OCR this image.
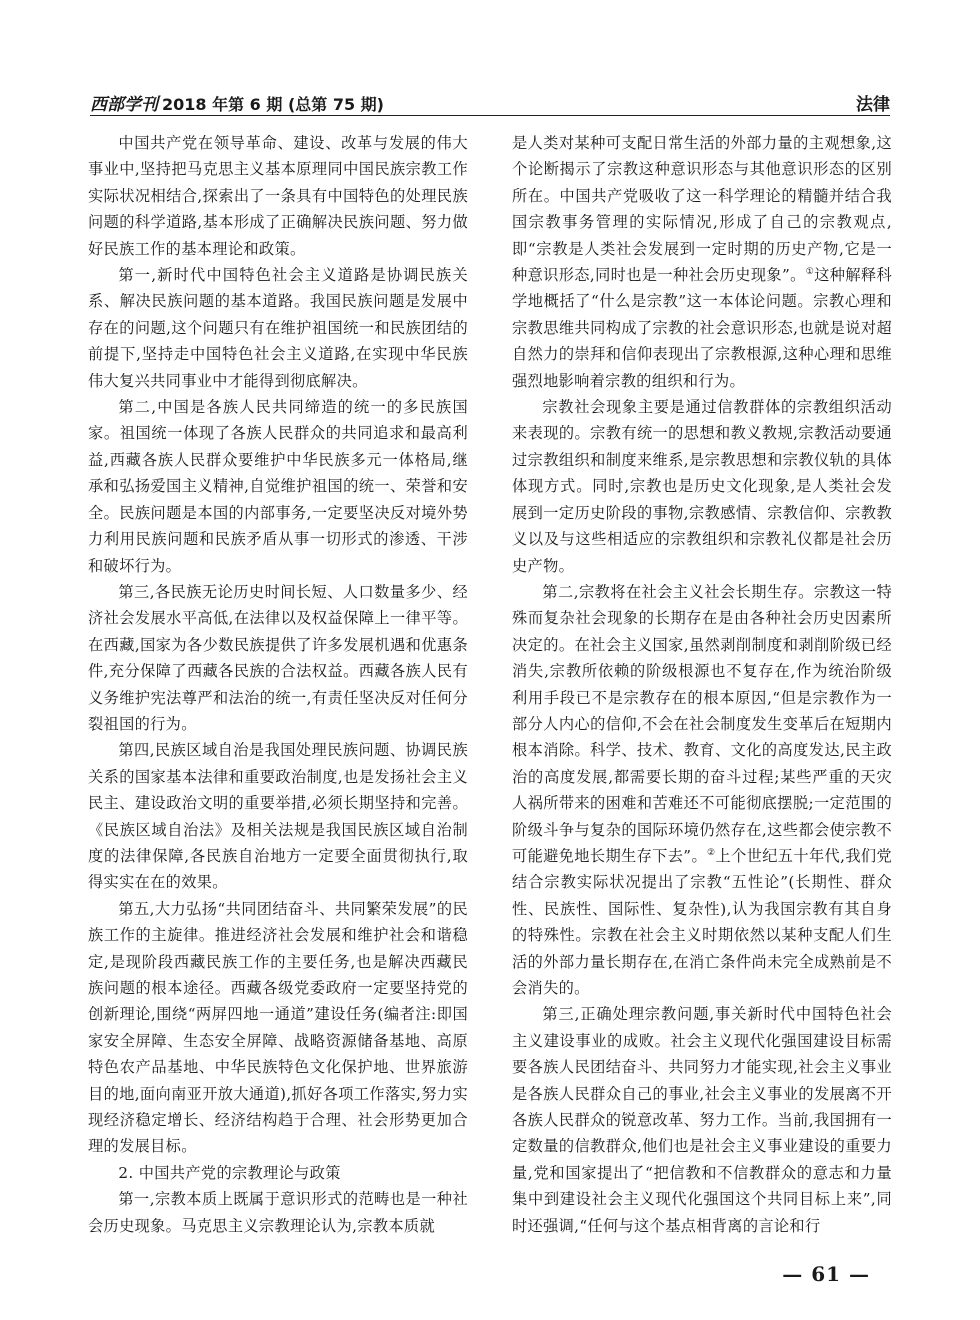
西部学刊 2018 年第 6 期 (总第 75 期)	法律

中国共产党在领导革命、建设、改革与发展的伟大事业中,坚持把马克思主义基本原理同中国民族宗教工作实际状况相结合,探索出了一条具有中国特色的处理民族问题的科学道路,基本形成了正确解决民族问题、努力做好民族工作的基本理论和政策。

第一,新时代中国特色社会主义道路是协调民族关系、解决民族问题的基本道路。我国民族问题是发展中存在的问题,这个问题只有在维护祖国统一和民族团结的前提下,坚持走中国特色社会主义道路,在实现中华民族伟大复兴共同事业中才能得到彻底解决。

第二,中国是各族人民共同缔造的统一的多民族国家。祖国统一体现了各族人民群众的共同追求和最高利益,西藏各族人民群众要维护中华民族多元一体格局,继承和弘扬爱国主义精神,自觉维护祖国的统一、荣誉和安全。民族问题是本国的内部事务,一定要坚决反对境外势力利用民族问题和民族矛盾从事一切形式的渗透、干涉和破坏行为。

第三,各民族无论历史时间长短、人口数量多少、经济社会发展水平高低,在法律以及权益保障上一律平等。在西藏,国家为各少数民族提供了许多发展机遇和优惠条件,充分保障了西藏各民族的合法权益。西藏各族人民有义务维护宪法尊严和法治的统一,有责任坚决反对任何分裂祖国的行为。

第四,民族区域自治是我国处理民族问题、协调民族关系的国家基本法律和重要政治制度,也是发扬社会主义民主、建设政治文明的重要举措,必须长期坚持和完善。《民族区域自治法》及相关法规是我国民族区域自治制度的法律保障,各民族自治地方一定要全面贯彻执行,取得实实在在的效果。

第五,大力弘扬“共同团结奋斗、共同繁荣发展”的民族工作的主旋律。推进经济社会发展和维护社会和谐稳定,是现阶段西藏民族工作的主要任务,也是解决西藏民族问题的根本途径。西藏各级党委政府一定要坚持党的创新理论,围绕“两屏四地一通道”建设任务(编者注:即国家安全屏障、生态安全屏障、战略资源储备基地、高原特色农产品基地、中华民族特色文化保护地、世界旅游目的地,面向南亚开放大通道),抓好各项工作落实,努力实现经济稳定增长、经济结构趋于合理、社会形势更加合理的发展目标。

2. 中国共产党的宗教理论与政策

第一,宗教本质上既属于意识形式的范畴也是一种社会历史现象。马克思主义宗教理论认为,宗教本质就

是人类对某种可支配日常生活的外部力量的主观想象,这个论断揭示了宗教这种意识形态与其他意识形态的区别所在。中国共产党吸收了这一科学理论的精髓并结合我国宗教事务管理的实际情况,形成了自己的宗教观点,即“宗教是人类社会发展到一定时期的历史产物,它是一种意识形态,同时也是一种社会历史现象”。①这种解释科学地概括了“什么是宗教”这一本体论问题。宗教心理和宗教思维共同构成了宗教的社会意识形态,也就是说对超自然力的崇拜和信仰表现出了宗教根源,这种心理和思维强烈地影响着宗教的组织和行为。

宗教社会现象主要是通过信教群体的宗教组织活动来表现的。宗教有统一的思想和教义教规,宗教活动要通过宗教组织和制度来维系,是宗教思想和宗教仪轨的具体体现方式。同时,宗教也是历史文化现象,是人类社会发展到一定历史阶段的事物,宗教感情、宗教信仰、宗教教义以及与这些相适应的宗教组织和宗教礼仪都是社会历史产物。

第二,宗教将在社会主义社会长期生存。宗教这一特殊而复杂社会现象的长期存在是由各种社会历史因素所决定的。在社会主义国家,虽然剥削制度和剥削阶级已经消失,宗教所依赖的阶级根源也不复存在,作为统治阶级利用手段已不是宗教存在的根本原因,“但是宗教作为一部分人内心的信仰,不会在社会制度发生变革后在短期内根本消除。科学、技术、教育、文化的高度发达,民主政治的高度发展,都需要长期的奋斗过程;某些严重的天灾人祸所带来的困难和苦难还不可能彻底摆脱;一定范围的阶级斗争与复杂的国际环境仍然存在,这些都会使宗教不可能避免地长期生存下去”。②上个世纪五十年代,我们党结合宗教实际状况提出了宗教“五性论”(长期性、群众性、民族性、国际性、复杂性),认为我国宗教有其自身的特殊性。宗教在社会主义时期依然以某种支配人们生活的外部力量长期存在,在消亡条件尚未完全成熟前是不会消失的。

第三,正确处理宗教问题,事关新时代中国特色社会主义建设事业的成败。社会主义现代化强国建设目标需要各族人民团结奋斗、共同努力才能实现,社会主义事业是各族人民群众自己的事业,社会主义事业的发展离不开各族人民群众的锐意改革、努力工作。当前,我国拥有一定数量的信教群众,他们也是社会主义事业建设的重要力量,党和国家提出了“把信教和不信教群众的意志和力量集中到建设社会主义现代化强国这个共同目标上来”,同时还强调,“任何与这个基点相背离的言论和行

— 61 —
